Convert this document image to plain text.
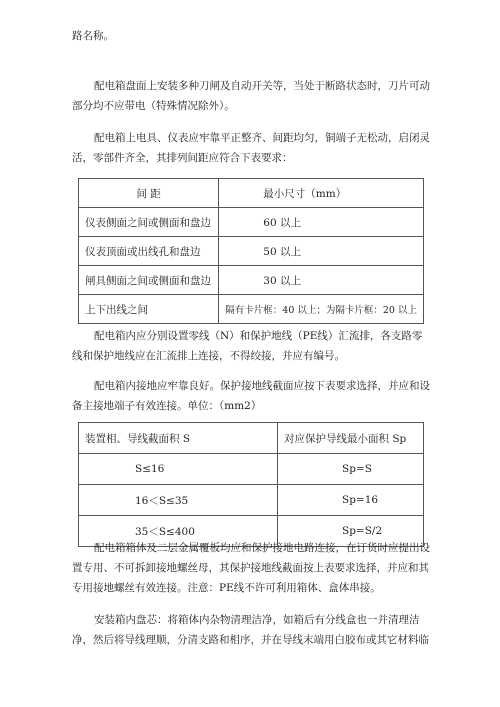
路名称。

配电箱盘面上安装多种刀闸及自动开关等，当处于断路状态时，刀片可动部分均不应带电（特殊情况除外）。

配电箱上电具、仪表应牢靠平正整齐、间距均匀，铜端子无松动，启闭灵活，零部件齐全，其排列间距应符合下表要求：

间 距	最小尺寸（mm）
仪表侧面之间或侧面和盘边	60 以上
仪表顶面或出线孔和盘边	50 以上
闸具侧面之间或侧面和盘边	30 以上
上下出线之间	隔有卡片框：40 以上；为隔卡片框：20 以上

配电箱内应分别设置零线（N）和保护地线（PE线）汇流排，各支路零线和保护地线应在汇流排上连接，不得绞接，并应有编号。

配电箱内接地应牢靠良好。保护接地线截面应按下表要求选择，并应和设备主接地端子有效连接。单位：（mm2）

装置相、导线截面积 S	对应保护导线最小面积 Sp
S≤16	Sp=S
16＜S≤35	Sp=16
35＜S≤400	Sp=S/2

配电箱箱体及二层金属覆板均应和保护接地电路连接，在订货时应提出设置专用、不可拆卸接地螺丝母，其保护接地线截面按上表要求选择，并应和其专用接地螺丝有效连接。注意：PE线不许可利用箱体、盒体串接。

安装箱内盘芯：将箱体内杂物清理洁净，如箱后有分线盒也一并清理洁净，然后将导线理顺，分清支路和相序，并在导线末端用白胶布或其它材料临
